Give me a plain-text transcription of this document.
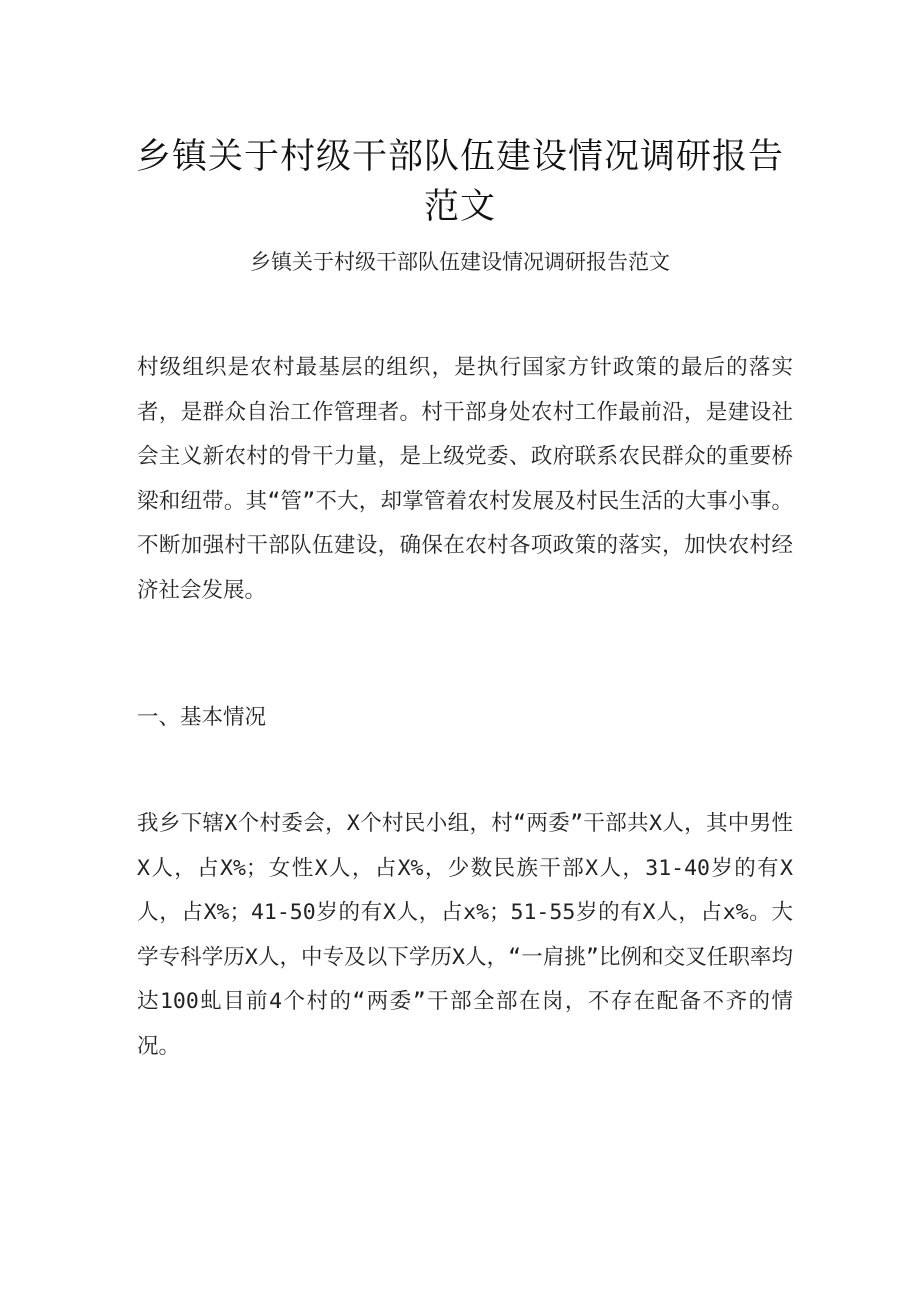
乡镇关于村级干部队伍建设情况调研报告范文

乡镇关于村级干部队伍建设情况调研报告范文

村级组织是农村最基层的组织，是执行国家方针政策的最后的落实者，是群众自治工作管理者。村干部身处农村工作最前沿，是建设社会主义新农村的骨干力量，是上级党委、政府联系农民群众的重要桥梁和纽带。其“管”不大，却掌管着农村发展及村民生活的大事小事。不断加强村干部队伍建设，确保在农村各项政策的落实，加快农村经济社会发展。

一、基本情况

我乡下辖X个村委会，X个村民小组，村“两委”干部共X人，其中男性X人，占X%；女性X人，占X%，少数民族干部X人，31-40岁的有X人，占X%；41-50岁的有X人，占x%；51-55岁的有X人，占x%。大学专科学历X人，中专及以下学历X人，“一肩挑”比例和交叉任职率均达100虬目前4个村的“两委”干部全部在岗，不存在配备不齐的情况。
